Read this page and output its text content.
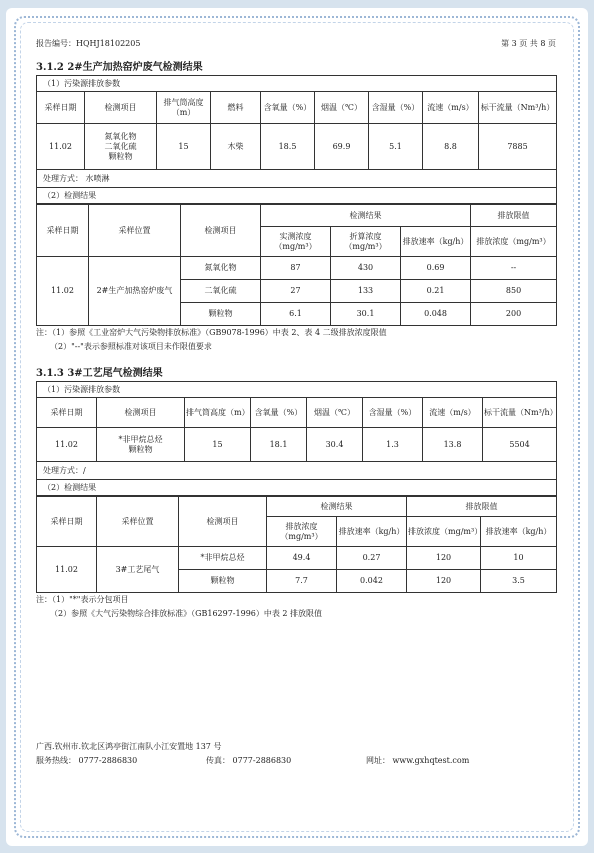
报告编号：HQHJ18102205	第 3 页 共 8 页
3.1.2 2#生产加热窑炉废气检测结果
（1）污染源排放参数								
采样日期	检测项目	排气筒高度（m）	燃料	含氧量（%）	烟温（℃）	含湿量（%）	流速（m/s）	标干流量（Nm³/h）
11.02	氮氧化物
二氧化硫
颗粒物	15	木柴	18.5	69.9	5.1	8.8	7885
处理方式： 水喷淋								
（2）检测结果								
采样日期	采样位置	检测项目	检测结果			排放限值
			实测浓度（mg/m³）	折算浓度（mg/m³）	排放速率（kg/h）	排放浓度（mg/m³）
11.02	2#生产加热窑炉废气	氮氧化物	87	430	0.69	--
		二氧化硫	27	133	0.21	850
		颗粒物	6.1	30.1	0.048	200
注：（1）参照《工业窑炉大气污染物排放标准》（GB9078-1996）中表 2、表 4 二级排放浓度限值
（2）"--"表示参照标准对该项目未作限值要求
3.1.3 3#工艺尾气检测结果
（1）污染源排放参数							
采样日期	检测项目	排气筒高度（m）	含氧量（%）	烟温（℃）	含湿量（%）	流速（m/s）	标干流量（Nm³/h）
11.02	*非甲烷总烃
颗粒物	15	18.1	30.4	1.3	13.8	5504
处理方式：/							
（2）检测结果							
采样日期	采样位置	检测项目	检测结果		排放限值	
			排放浓度（mg/m³）	排放速率（kg/h）	排放浓度（mg/m³）	排放速率（kg/h）
11.02	3#工艺尾气	*非甲烷总烃	49.4	0.27	120	10
		颗粒物	7.7	0.042	120	3.5
注：（1）"*"表示分包项目
（2）参照《大气污染物综合排放标准》（GB16297-1996）中表 2 排放限值
广西.钦州市.钦北区鸿亭街江南队小江安置地 137 号
服务热线： 0777-2886830	传真： 0777-2886830	网址： www.gxhqtest.com
